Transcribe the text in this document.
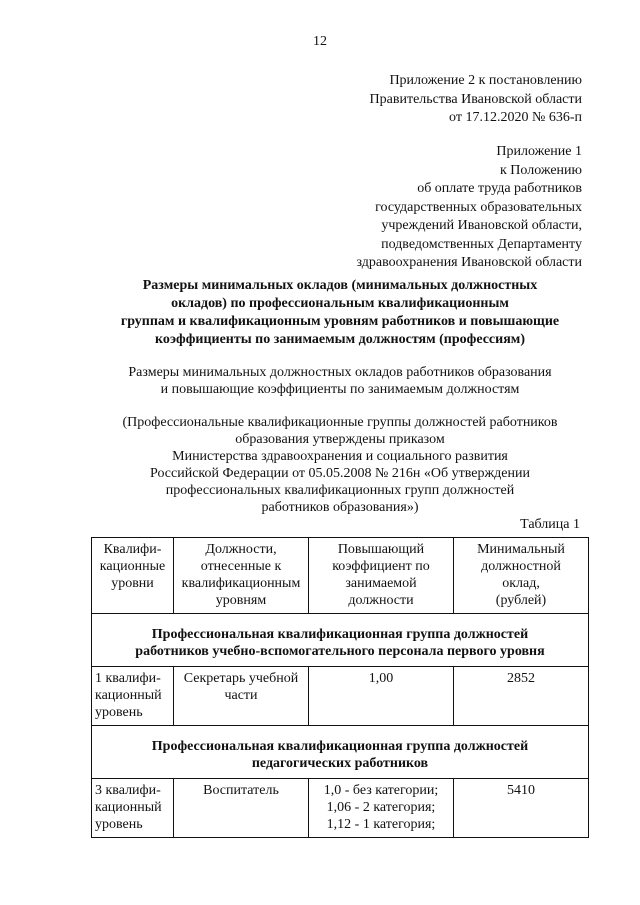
12
Приложение 2 к постановлению
Правительства Ивановской области
от 17.12.2020 № 636-п
Приложение 1
к Положению
об оплате труда работников
государственных образовательных
учреждений Ивановской области,
подведомственных Департаменту
здравоохранения Ивановской области
Размеры минимальных окладов (минимальных должностных
окладов) по профессиональным квалификационным
группам и квалификационным уровням работников и повышающие
коэффициенты по занимаемым должностям (профессиям)
Размеры минимальных должностных окладов работников образования
и повышающие коэффициенты по занимаемым должностям
(Профессиональные квалификационные группы должностей работников
образования утверждены приказом
Министерства здравоохранения и социального развития
Российской Федерации от 05.05.2008 № 216н «Об утверждении
профессиональных квалификационных групп должностей
работников образования»)
Таблица 1
Квалифи-
кационные
уровни	Должности,
отнесенные к
квалификационным
уровням	Повышающий
коэффициент по
занимаемой
должности	Минимальный
должностной
оклад,
(рублей)

Профессиональная квалификационная группа должностей
работников учебно-вспомогательного персонала первого уровня			

1 квалифи-
кационный
уровень	Секретарь учебной
части	1,00	2852

Профессиональная квалификационная группа должностей
педагогических работников			

3 квалифи-
кационный
уровень	Воспитатель	1,0 - без категории;
1,06 - 2 категория;
1,12 - 1 категория;	5410
